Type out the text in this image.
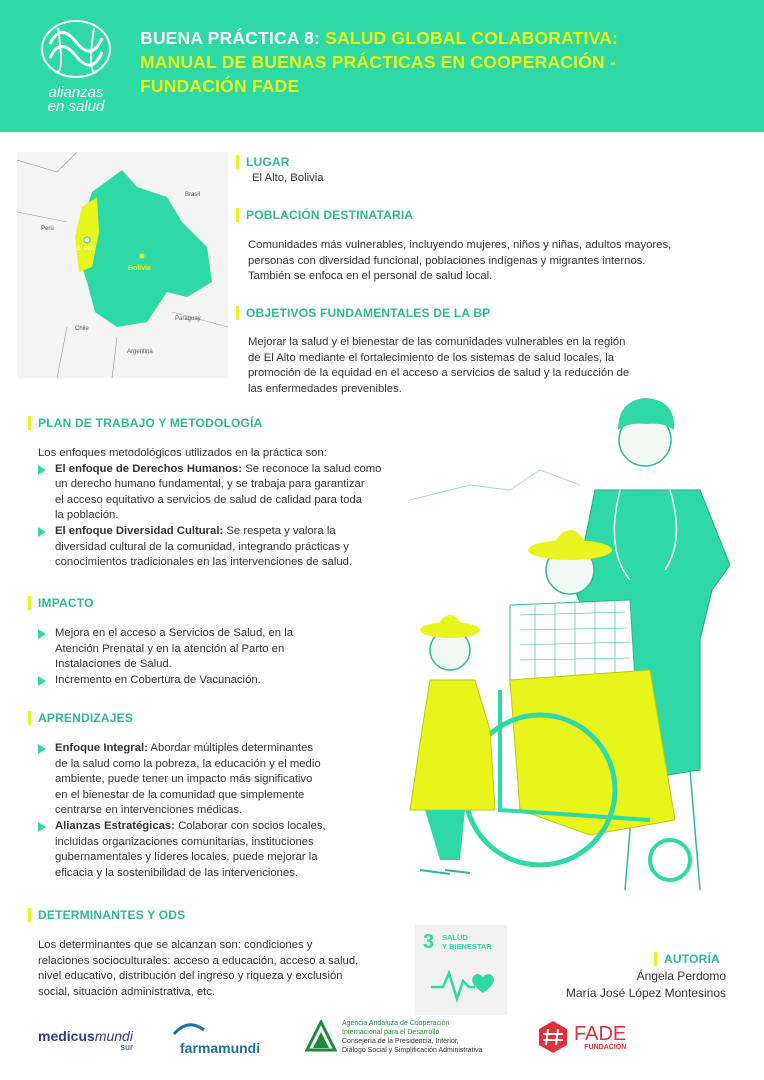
alianzas
en salud
BUENA PRÁCTICA 8: SALUD GLOBAL COLABORATIVA:
MANUAL DE BUENAS PRÁCTICAS EN COOPERACIÓN -
FUNDACIÓN FADE
Brasil
Perú
El Alto
Bolivia
Chile
Paraguay
Argentina
LUGAR
El Alto, Bolivia
POBLACIÓN DESTINATARIA
Comunidades más vulnerables, incluyendo mujeres, niños y niñas, adultos mayores,
personas con diversidad funcional, poblaciones indígenas y migrantes internos.
También se enfoca en el personal de salud local.
OBJETIVOS FUNDAMENTALES DE LA BP
Mejorar la salud y el bienestar de las comunidades vulnerables en la región
de El Alto mediante el fortalecimiento de los sistemas de salud locales, la
promoción de la equidad en el acceso a servicios de salud y la reducción de
las enfermedades prevenibles.
PLAN DE TRABAJO Y METODOLOGÍA
Los enfoques metodológicos utilizados en la práctica son:
El enfoque de Derechos Humanos: Se reconoce la salud como
un derecho humano fundamental, y se trabaja para garantizar
el acceso equitativo a servicios de salud de calidad para toda
la población.
El enfoque Diversidad Cultural: Se respeta y valora la
diversidad cultural de la comunidad, integrando prácticas y
conocimientos tradicionales en las intervenciones de salud.
IMPACTO
Mejora en el acceso a Servicios de Salud, en la
Atención Prenatal y en la atención al Parto en
Instalaciones de Salud.
Incremento en Cobertura de Vacunación.
APRENDIZAJES
Enfoque Integral: Abordar múltiples determinantes
de la salud como la pobreza, la educación y el medio
ambiente, puede tener un impacto más significativo
en el bienestar de la comunidad que simplemente
centrarse en intervenciones médicas.
Alianzas Estratégicas: Colaborar con socios locales,
incluidas organizaciones comunitarias, instituciones
gubernamentales y líderes locales, puede mejorar la
eficacia y la sostenibilidad de las intervenciones.
DETERMINANTES Y ODS
Los determinantes que se alcanzan son: condiciones y
relaciones socioculturales: acceso a educación, acceso a salud,
nivel educativo, distribución del ingreso y riqueza y exclusión
social, situación administrativa, etc.
3 SALUD
Y BIENESTAR
AUTORÍA
Ángela Perdomo
María José López Montesinos
medicusmundi
sur	farmamundi
Agencia Andaluza de Cooperación
Internacional para el Desarrollo
Consejería de la Presidencia, Interior,
Diálogo Social y Simplificación Administrativa
FADE
FUNDACIÓN
